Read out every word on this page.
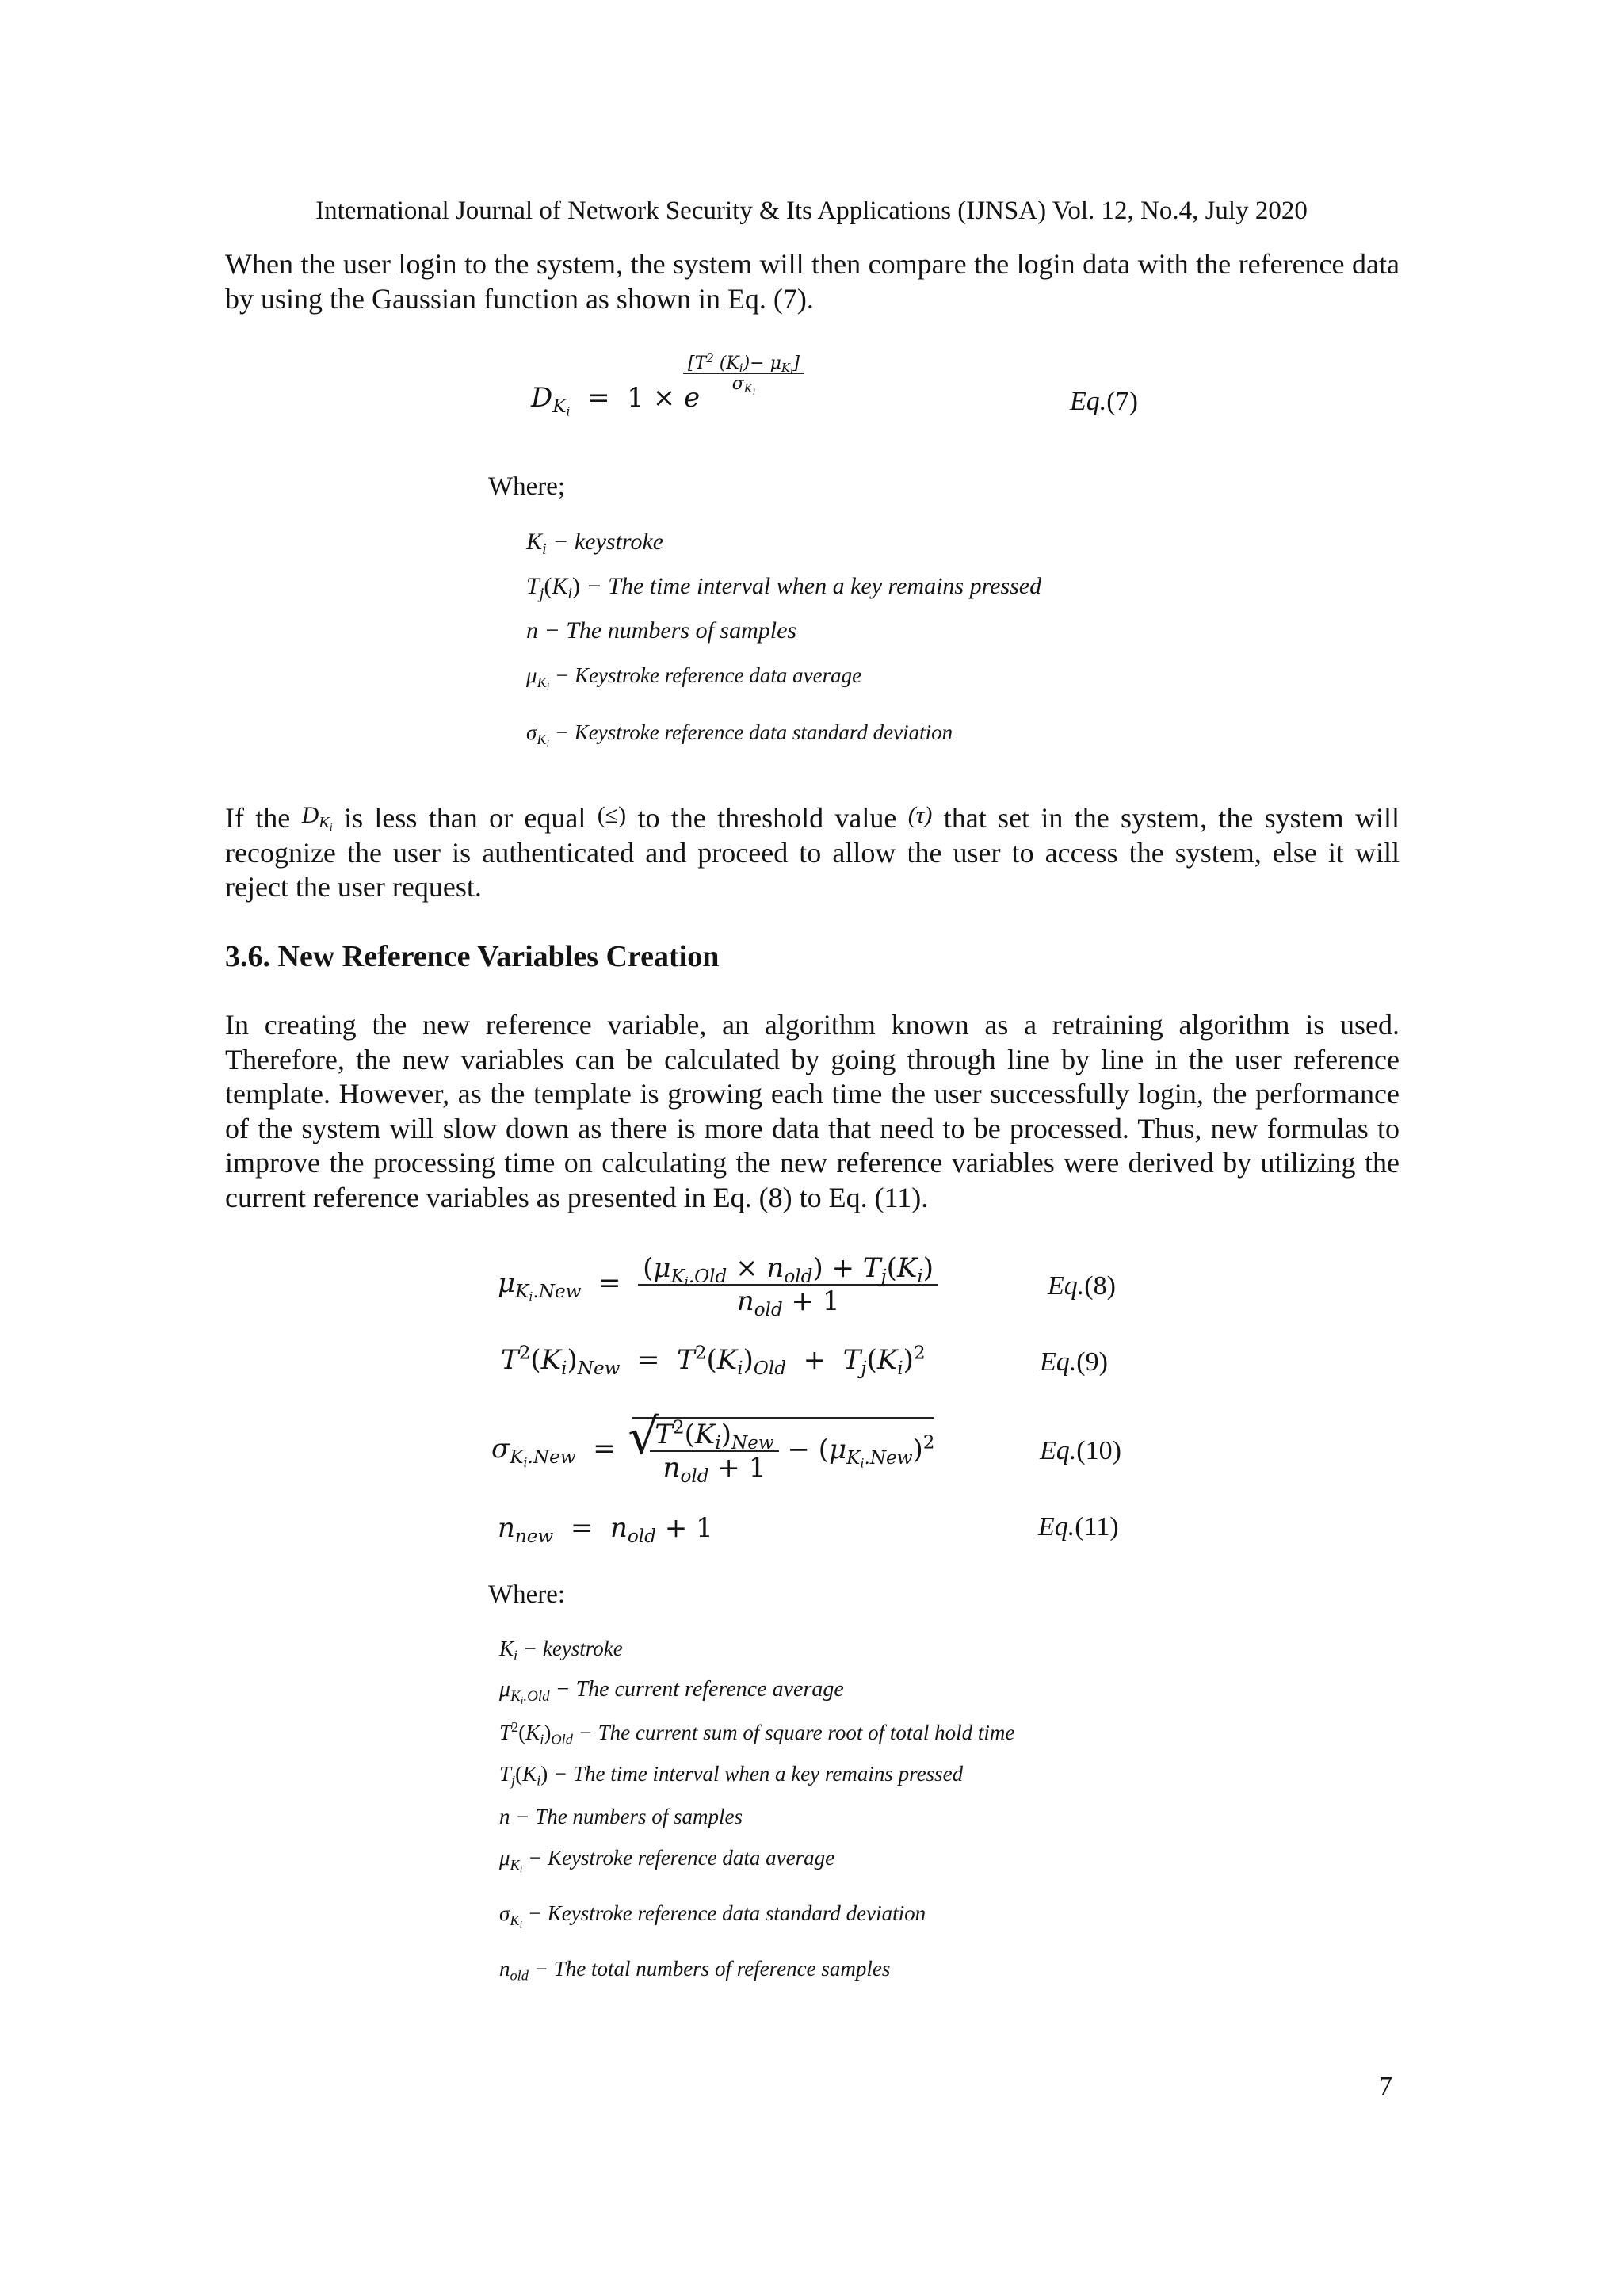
International Journal of Network Security & Its Applications (IJNSA) Vol. 12, No.4, July 2020
When the user login to the system, the system will then compare the login data with the reference data by using the Gaussian function as shown in Eq. (7).
$D_{K_i} = 1 \times e$
$\frac{[T^2 (K_i)- \mu_{K_i}]}{\sigma_{K_i}}$
Eq.(7)
Where;
$K_i$ − keystroke
$T_j(K_i)$ − The time interval when a key remains pressed
n − The numbers of samples
$\mu_{K_i}$ − Keystroke reference data average
$\sigma_{K_i}$ − Keystroke reference data standard deviation
If the $D_{K_i}$ is less than or equal (≤) to the threshold value (τ) that set in the system, the system will recognize the user is authenticated and proceed to allow the user to access the system, else it will reject the user request.
3.6. New Reference Variables Creation
In creating the new reference variable, an algorithm known as a retraining algorithm is used. Therefore, the new variables can be calculated by going through line by line in the user reference template. However, as the template is growing each time the user successfully login, the performance of the system will slow down as there is more data that need to be processed. Thus, new formulas to improve the processing time on calculating the new reference variables were derived by utilizing the current reference variables as presented in Eq. (8) to Eq. (11).
$\mu_{K_i.New} = \frac{(\mu_{K_i.Old} \times n_{old}) + T_j(K_i)}{n_{old} + 1}$	Eq.(8)
$T^2(K_i)_{New} = T^2(K_i)_{Old} + T_j(K_i)^2$	Eq.(9)
$\sigma_{K_i.New}$  =
√
$\frac{T^2(K_i)_{New}}{n_{old} + 1} - (\mu_{K_i.New})^2$	Eq.(10)
$n_{new} = n_{old} + 1$	Eq.(11)
Where:
$K_i$ − keystroke
$\mu_{K_i.Old}$ − The current reference average
$T^2(K_i)_{Old}$ − The current sum of square root of total hold time
$T_j(K_i)$ − The time interval when a key remains pressed
n − The numbers of samples
$\mu_{K_i}$ − Keystroke reference data average
$\sigma_{K_i}$ − Keystroke reference data standard deviation
$n_{old}$ − The total numbers of reference samples
7
